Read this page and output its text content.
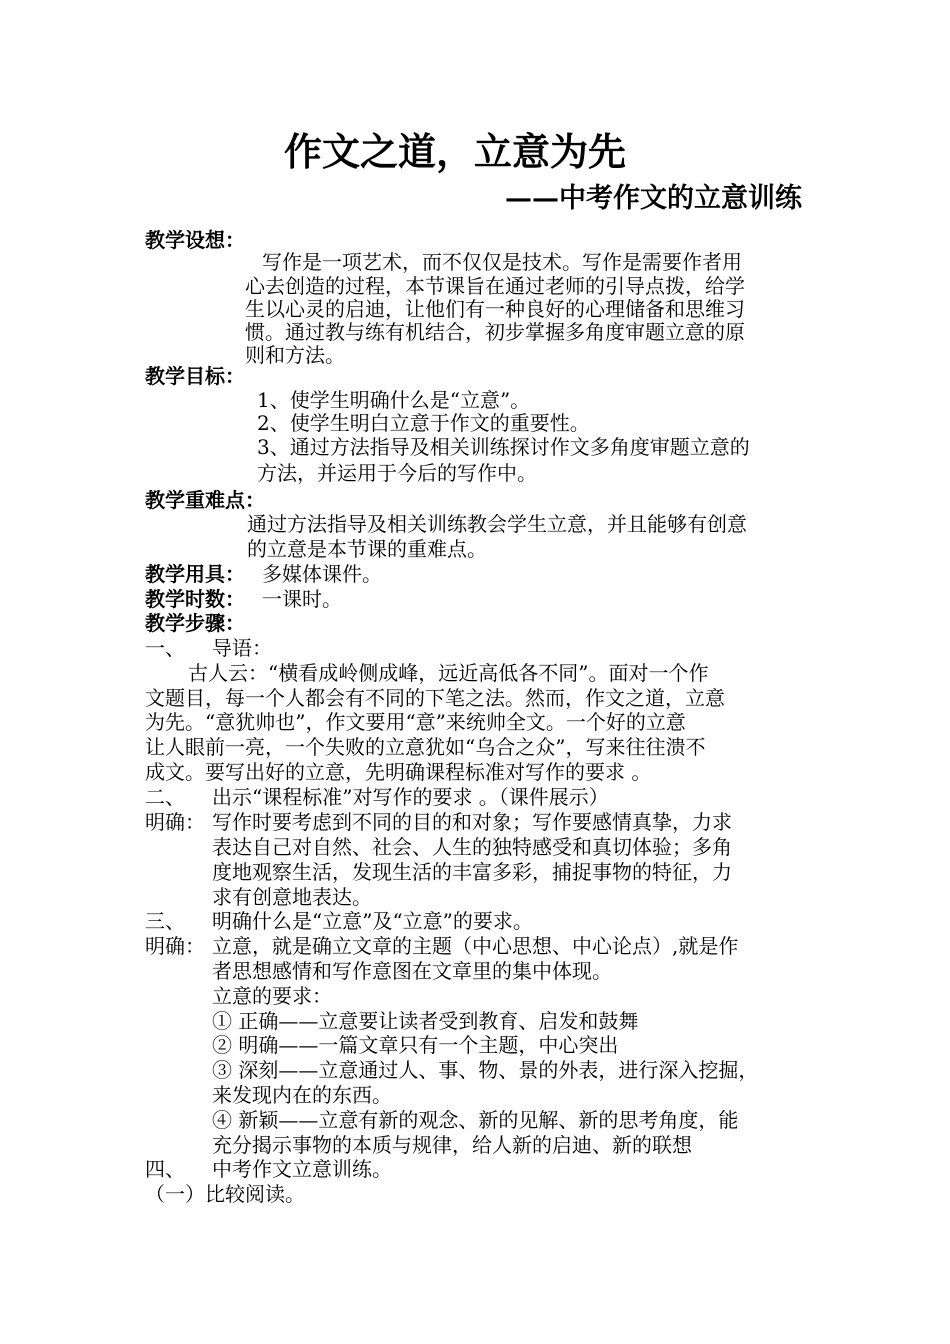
作文之道，立意为先
——中考作文的立意训练
教学设想：
写作是一项艺术，而不仅仅是技术。写作是需要作者用
心去创造的过程，本节课旨在通过老师的引导点拨，给学
生以心灵的启迪，让他们有一种良好的心理储备和思维习
惯。通过教与练有机结合，初步掌握多角度审题立意的原
则和方法。
教学目标：
1、使学生明确什么是“立意”。
2、使学生明白立意于作文的重要性。
3、通过方法指导及相关训练探讨作文多角度审题立意的
方法，并运用于今后的写作中。
教学重难点：
通过方法指导及相关训练教会学生立意，并且能够有创意
的立意是本节课的重难点。
教学用具： 多媒体课件。
教学时数： 一课时。
教学步骤：
一、 导语：
古人云：“横看成岭侧成峰，远近高低各不同”。面对一个作
文题目，每一个人都会有不同的下笔之法。然而，作文之道，立意
为先。“意犹帅也”，作文要用“意”来统帅全文。一个好的立意
让人眼前一亮，一个失败的立意犹如“乌合之众”，写来往往溃不
成文。要写出好的立意，先明确课程标准对写作的要求 。
二、 出示“课程标准”对写作的要求 。（课件展示）
明确： 写作时要考虑到不同的目的和对象；写作要感情真挚，力求
表达自己对自然、社会、人生的独特感受和真切体验；多角
度地观察生活，发现生活的丰富多彩，捕捉事物的特征，力
求有创意地表达。
三、 明确什么是“立意”及“立意”的要求。
明确： 立意，就是确立文章的主题（中心思想、中心论点）,就是作
者思想感情和写作意图在文章里的集中体现。
立意的要求：
① 正确——立意要让读者受到教育、启发和鼓舞
② 明确——一篇文章只有一个主题，中心突出
③ 深刻——立意通过人、事、物、景的外表，进行深入挖掘，
来发现内在的东西。
④ 新颖——立意有新的观念、新的见解、新的思考角度，能
充分揭示事物的本质与规律，给人新的启迪、新的联想
四、 中考作文立意训练。
（一）比较阅读。
